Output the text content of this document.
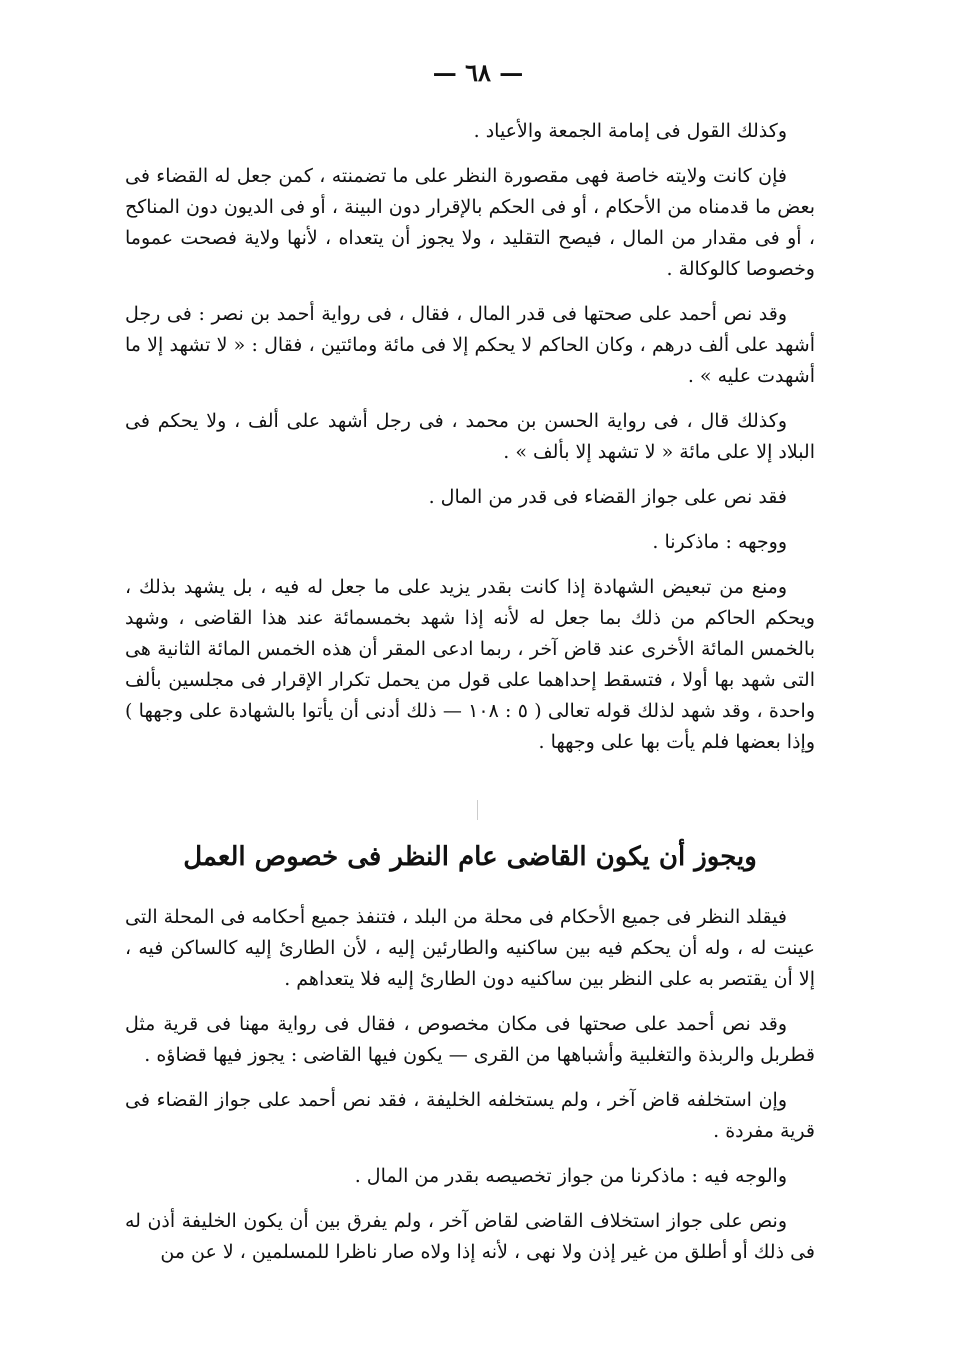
— ٦٨ —

وكذلك القول فى إمامة الجمعة والأعياد .

فإن كانت ولايته خاصة فهى مقصورة النظر على ما تضمنته ، كمن جعل له القضاء فى بعض ما قدمناه من الأحكام ، أو فى الحكم بالإقرار دون البينة ، أو فى الديون دون المناكح ، أو فى مقدار من المال ، فيصح التقليد ، ولا يجوز أن يتعداه ، لأنها ولاية فصحت عموما وخصوصا كالوكالة .

وقد نص أحمد على صحتها فى قدر المال ، فقال ، فى رواية أحمد بن نصر : فى رجل أشهد على ألف درهم ، وكان الحاكم لا يحكم إلا فى مائة ومائتين ، فقال : « لا تشهد إلا ما أشهدت عليه » .

وكذلك قال ، فى رواية الحسن بن محمد ، فى رجل أشهد على ألف ، ولا يحكم فى البلاد إلا على مائة « لا تشهد إلا بألف » .

فقد نص على جواز القضاء فى قدر من المال .

ووجهه : ماذكرنا .

ومنع من تبعيض الشهادة إذا كانت بقدر يزيد على ما جعل له فيه ، بل يشهد بذلك ، ويحكم الحاكم من ذلك بما جعل له لأنه إذا شهد بخمسمائة عند هذا القاضى ، وشهد بالخمس المائة الأخرى عند قاض آخر ، ربما ادعى المقر أن هذه الخمس المائة الثانية هى التى شهد بها أولا ، فتسقط إحداهما على قول من يحمل تكرار الإقرار فى مجلسين بألف واحدة ، وقد شهد لذلك قوله تعالى ( ٥ : ١٠٨ — ذلك أدنى أن يأتوا بالشهادة على وجهها ) وإذا بعضها فلم يأت بها على وجهها .

ويجوز أن يكون القاضى عام النظر فى خصوص العمل

فيقلد النظر فى جميع الأحكام فى محلة من البلد ، فتنفذ جميع أحكامه فى المحلة التى عينت له ، وله أن يحكم فيه بين ساكنيه والطارئين إليه ، لأن الطارئ إليه كالساكن فيه ، إلا أن يقتصر به على النظر بين ساكنيه دون الطارئ إليه فلا يتعداهم .

وقد نص أحمد على صحتها فى مكان مخصوص ، فقال فى رواية مهنا فى قرية مثل قطربل والربذة والتغلبية وأشباهها من القرى — يكون فيها القاضى : يجوز فيها قضاؤه .

وإن استخلفه قاض آخر ، ولم يستخلفه الخليفة ، فقد نص أحمد على جواز القضاء فى قرية مفردة .

والوجه فيه : ماذكرنا من جواز تخصيصه بقدر من المال .

ونص على جواز استخلاف القاضى لقاض آخر ، ولم يفرق بين أن يكون الخليفة أذن له فى ذلك أو أطلق من غير إذن ولا نهى ، لأنه إذا ولاه صار ناظرا للمسلمين ، لا عن من
